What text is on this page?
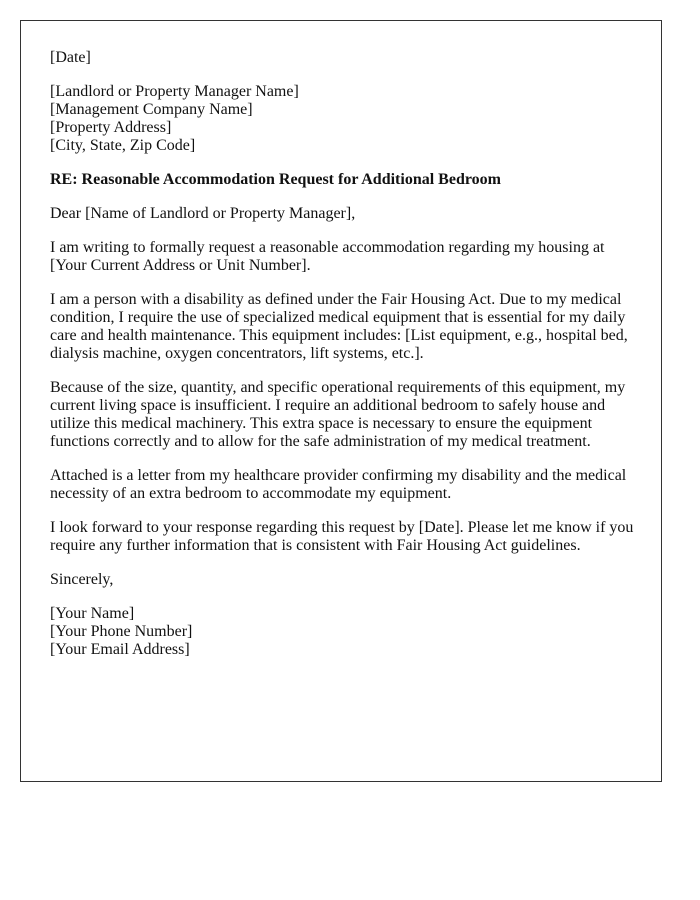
[Date]

[Landlord or Property Manager Name]
[Management Company Name]
[Property Address]
[City, State, Zip Code]

RE: Reasonable Accommodation Request for Additional Bedroom

Dear [Name of Landlord or Property Manager],

I am writing to formally request a reasonable accommodation regarding my housing at [Your Current Address or Unit Number].

I am a person with a disability as defined under the Fair Housing Act. Due to my medical condition, I require the use of specialized medical equipment that is essential for my daily care and health maintenance. This equipment includes: [List equipment, e.g., hospital bed, dialysis machine, oxygen concentrators, lift systems, etc.].

Because of the size, quantity, and specific operational requirements of this equipment, my current living space is insufficient. I require an additional bedroom to safely house and utilize this medical machinery. This extra space is necessary to ensure the equipment functions correctly and to allow for the safe administration of my medical treatment.

Attached is a letter from my healthcare provider confirming my disability and the medical necessity of an extra bedroom to accommodate my equipment.

I look forward to your response regarding this request by [Date]. Please let me know if you require any further information that is consistent with Fair Housing Act guidelines.

Sincerely,

[Your Name]
[Your Phone Number]
[Your Email Address]
